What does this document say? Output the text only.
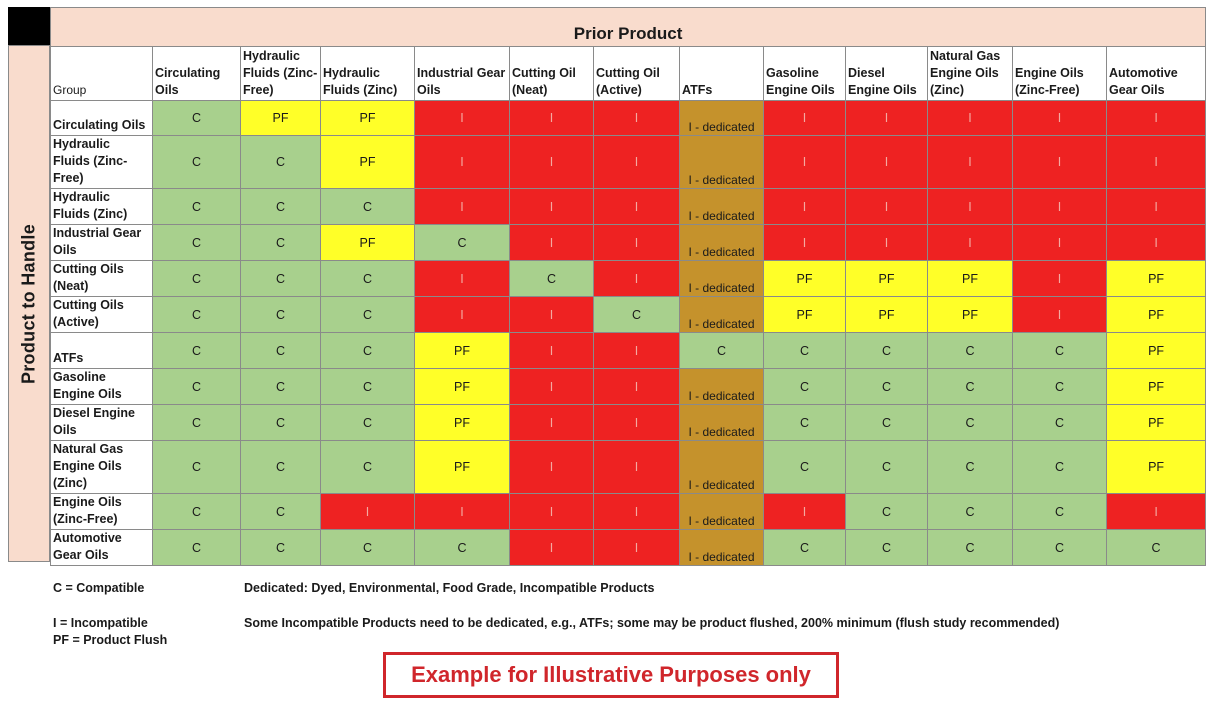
Product to Handle
Prior Product												
Group	Circulating Oils	Hydraulic Fluids (Zinc-Free)	Hydraulic Fluids (Zinc)	Industrial Gear Oils	Cutting Oil (Neat)	Cutting Oil (Active)	ATFs	Gasoline Engine Oils	Diesel Engine Oils	Natural Gas Engine Oils (Zinc)	Engine Oils (Zinc-Free)	Automotive Gear Oils
Circulating Oils	C	PF	PF	I	I	I	I - dedicated	I	I	I	I	I
Hydraulic Fluids (Zinc-Free)	C	C	PF	I	I	I	I - dedicated	I	I	I	I	I
Hydraulic Fluids (Zinc)	C	C	C	I	I	I	I - dedicated	I	I	I	I	I
Industrial Gear Oils	C	C	PF	C	I	I	I - dedicated	I	I	I	I	I
Cutting Oils (Neat)	C	C	C	I	C	I	I - dedicated	PF	PF	PF	I	PF
Cutting Oils (Active)	C	C	C	I	I	C	I - dedicated	PF	PF	PF	I	PF
ATFs	C	C	C	PF	I	I	C	C	C	C	C	PF
Gasoline Engine Oils	C	C	C	PF	I	I	I - dedicated	C	C	C	C	PF
Diesel Engine Oils	C	C	C	PF	I	I	I - dedicated	C	C	C	C	PF
Natural Gas Engine Oils (Zinc)	C	C	C	PF	I	I	I - dedicated	C	C	C	C	PF
Engine Oils (Zinc-Free)	C	C	I	I	I	I	I - dedicated	I	C	C	C	I
Automotive Gear Oils	C	C	C	C	I	I	I - dedicated	C	C	C	C	C
C = Compatible
I = Incompatible
PF = Product Flush
Dedicated: Dyed, Environmental, Food Grade, Incompatible Products
Some Incompatible Products need to be dedicated, e.g., ATFs; some may be product flushed, 200% minimum (flush study recommended)
Example for Illustrative Purposes only
